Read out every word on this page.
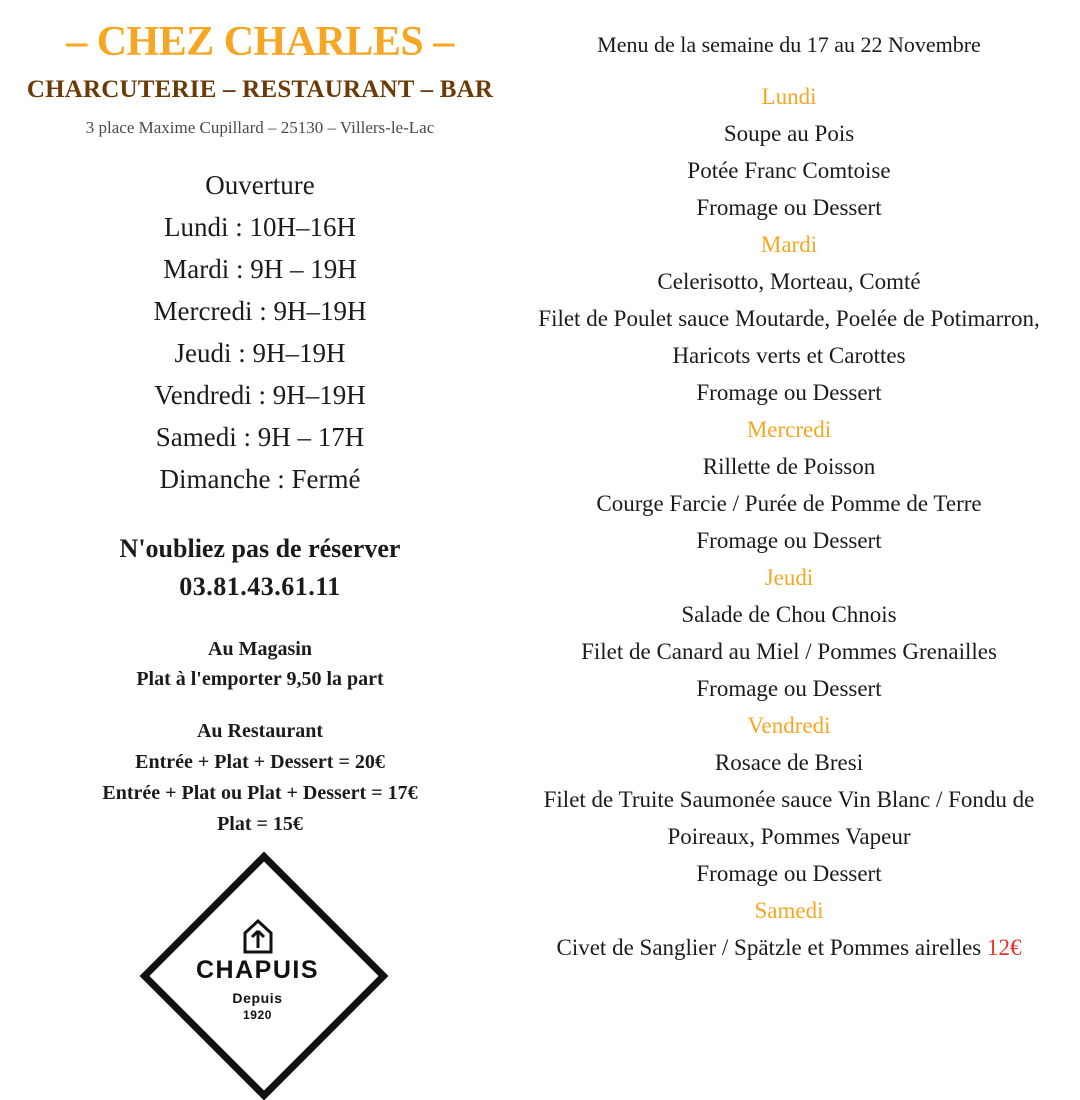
– CHEZ CHARLES –
CHARCUTERIE – RESTAURANT – BAR

3 place Maxime Cupillard – 25130 – Villers-le-Lac

Ouverture
Lundi : 10H–16H
Mardi : 9H – 19H
Mercredi : 9H–19H
Jeudi : 9H–19H
Vendredi : 9H–19H
Samedi : 9H – 17H
Dimanche : Fermé
N'oubliez pas de réserver
03.81.43.61.11
Au Magasin
Plat à l'emporter 9,50 la part
Au Restaurant
Entrée + Plat + Dessert = 20€
Entrée + Plat ou Plat + Dessert = 17€
Plat = 15€
CHAPUIS
Depuis
1920
Menu de la semaine du 17 au 22 Novembre
Lundi
Soupe au Pois
Potée Franc Comtoise
Fromage ou Dessert
Mardi
Celerisotto, Morteau, Comté
Filet de Poulet sauce Moutarde, Poelée de Potimarron, Haricots verts et Carottes
Fromage ou Dessert
Mercredi
Rillette de Poisson
Courge Farcie / Purée de Pomme de Terre
Fromage ou Dessert
Jeudi
Salade de Chou Chnois
Filet de Canard au Miel / Pommes Grenailles
Fromage ou Dessert
Vendredi
Rosace de Bresi
Filet de Truite Saumonée sauce Vin Blanc / Fondu de Poireaux, Pommes Vapeur
Fromage ou Dessert
Samedi
Civet de Sanglier / Spätzle et Pommes airelles 12€
